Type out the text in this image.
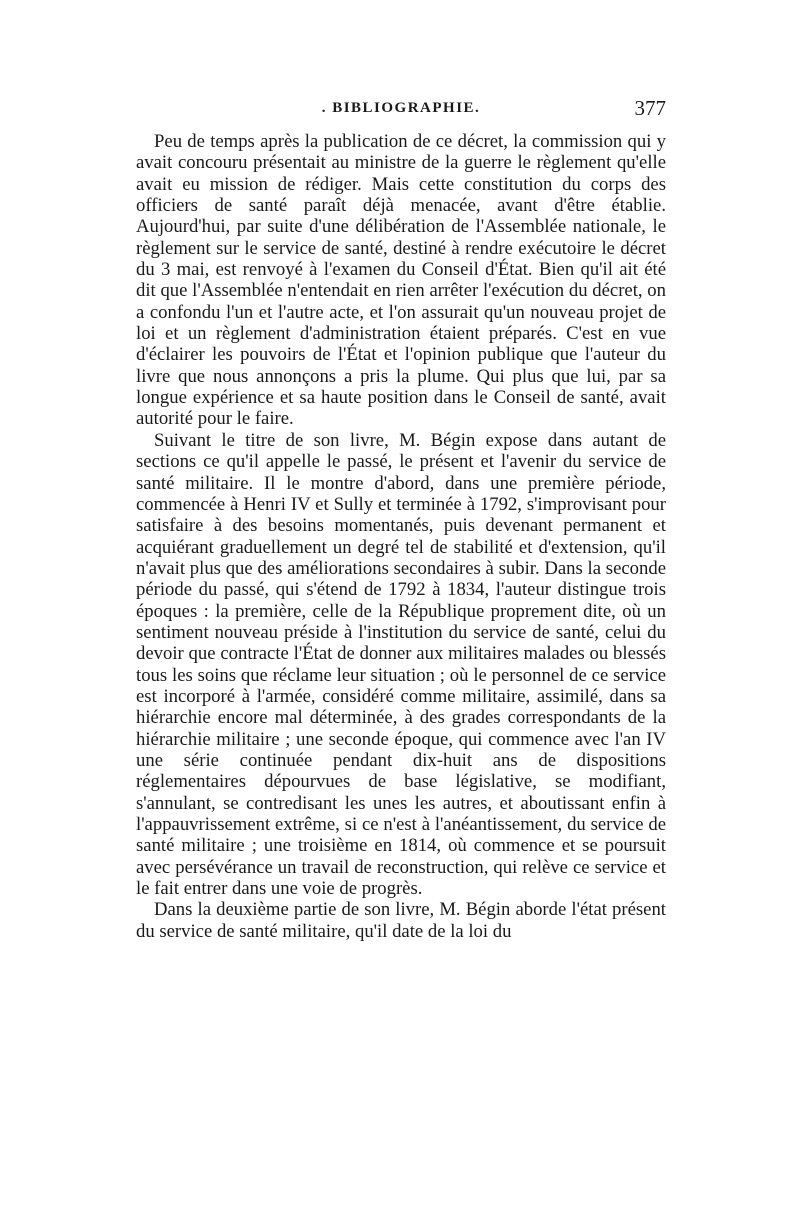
. BIBLIOGRAPHIE.	377

Peu de temps après la publication de ce décret, la commission qui y avait concouru présentait au ministre de la guerre le règlement qu'elle avait eu mission de rédiger. Mais cette constitution du corps des officiers de santé paraît déjà menacée, avant d'être établie. Aujourd'hui, par suite d'une délibération de l'Assemblée nationale, le règlement sur le service de santé, destiné à rendre exécutoire le décret du 3 mai, est renvoyé à l'examen du Conseil d'État. Bien qu'il ait été dit que l'Assemblée n'entendait en rien arrêter l'exécution du décret, on a confondu l'un et l'autre acte, et l'on assurait qu'un nouveau projet de loi et un règlement d'administration étaient préparés. C'est en vue d'éclairer les pouvoirs de l'État et l'opinion publique que l'auteur du livre que nous annonçons a pris la plume. Qui plus que lui, par sa longue expérience et sa haute position dans le Conseil de santé, avait autorité pour le faire.

Suivant le titre de son livre, M. Bégin expose dans autant de sections ce qu'il appelle le passé, le présent et l'avenir du service de santé militaire. Il le montre d'abord, dans une première période, commencée à Henri IV et Sully et terminée à 1792, s'improvisant pour satisfaire à des besoins momentanés, puis devenant permanent et acquiérant graduellement un degré tel de stabilité et d'extension, qu'il n'avait plus que des améliorations secondaires à subir. Dans la seconde période du passé, qui s'étend de 1792 à 1834, l'auteur distingue trois époques : la première, celle de la République proprement dite, où un sentiment nouveau préside à l'institution du service de santé, celui du devoir que contracte l'État de donner aux militaires malades ou blessés tous les soins que réclame leur situation ; où le personnel de ce service est incorporé à l'armée, considéré comme militaire, assimilé, dans sa hiérarchie encore mal déterminée, à des grades correspondants de la hiérarchie militaire ; une seconde époque, qui commence avec l'an IV une série continuée pendant dix-huit ans de dispositions réglementaires dépourvues de base législative, se modifiant, s'annulant, se contredisant les unes les autres, et aboutissant enfin à l'appauvrissement extrême, si ce n'est à l'anéantissement, du service de santé militaire ; une troisième en 1814, où commence et se poursuit avec persévérance un travail de reconstruction, qui relève ce service et le fait entrer dans une voie de progrès.

Dans la deuxième partie de son livre, M. Bégin aborde l'état présent du service de santé militaire, qu'il date de la loi du
